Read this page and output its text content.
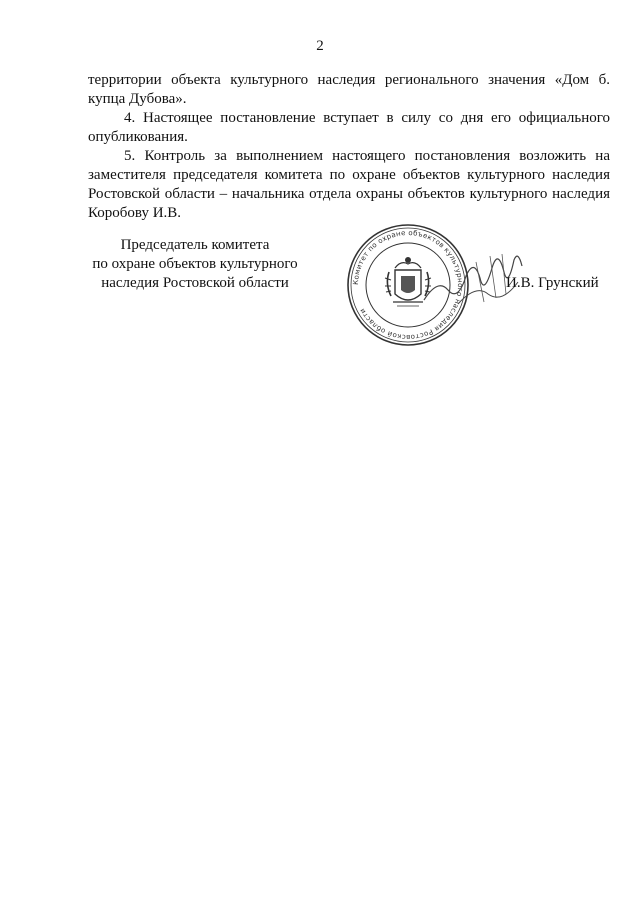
2

территории объекта культурного наследия регионального значения «Дом б. купца Дубова».

4. Настоящее постановление вступает в силу со дня его официального опубликования.

5. Контроль за выполнением настоящего постановления возложить на заместителя председателя комитета по охране объектов культурного наследия Ростовской области – начальника отдела охраны объектов культурного наследия Коробову И.В.

Председатель комитета
по охране объектов культурного
наследия Ростовской области	Комитет по охране объектов культурного наследия Ростовской области
И.В. Грунский
